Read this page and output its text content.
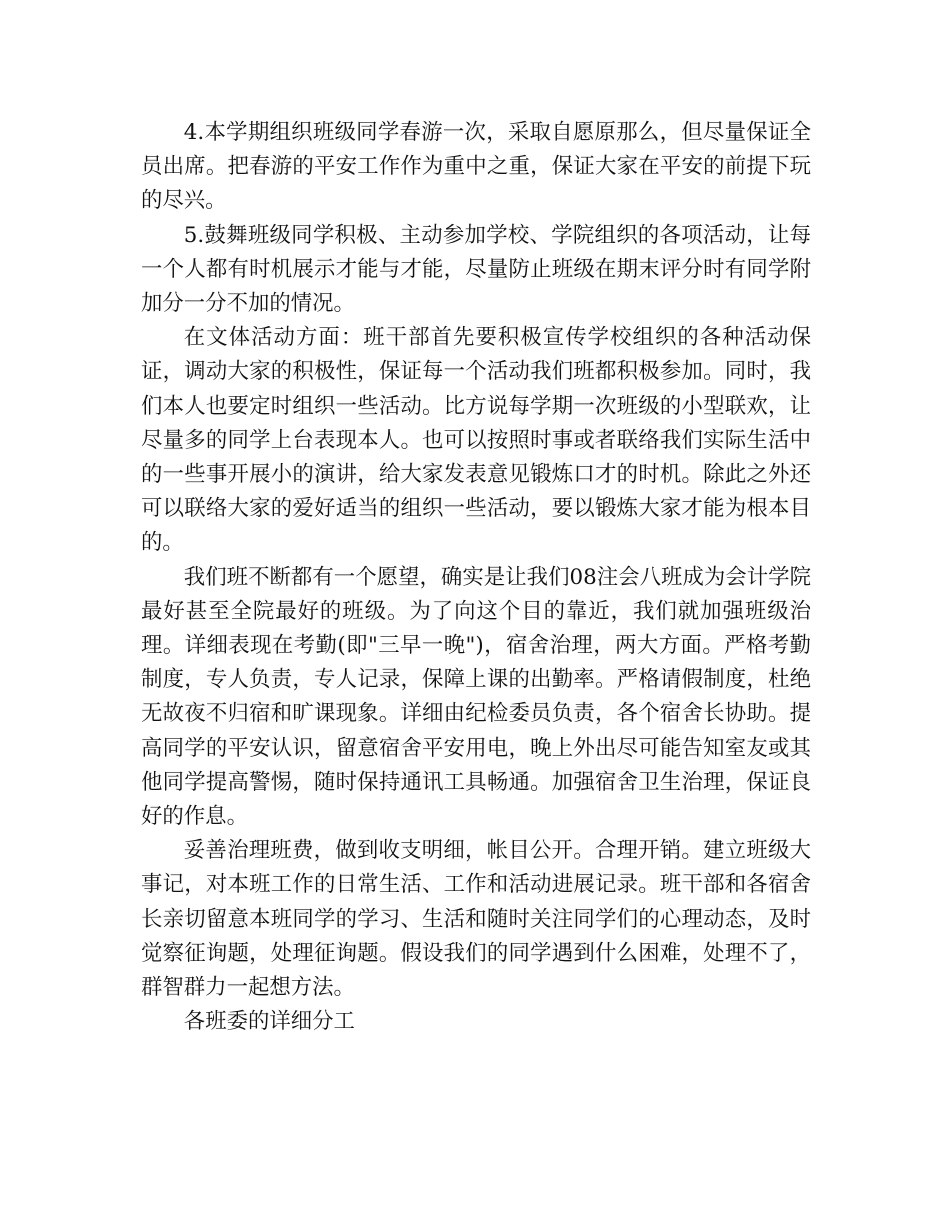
4.本学期组织班级同学春游一次，采取自愿原那么，但尽量保证全员出席。把春游的平安工作作为重中之重，保证大家在平安的前提下玩的尽兴。

5.鼓舞班级同学积极、主动参加学校、学院组织的各项活动，让每一个人都有时机展示才能与才能，尽量防止班级在期末评分时有同学附加分一分不加的情况。

在文体活动方面：班干部首先要积极宣传学校组织的各种活动保证，调动大家的积极性，保证每一个活动我们班都积极参加。同时，我们本人也要定时组织一些活动。比方说每学期一次班级的小型联欢，让尽量多的同学上台表现本人。也可以按照时事或者联络我们实际生活中的一些事开展小的演讲，给大家发表意见锻炼口才的时机。除此之外还可以联络大家的爱好适当的组织一些活动，要以锻炼大家才能为根本目的。

我们班不断都有一个愿望，确实是让我们08注会八班成为会计学院最好甚至全院最好的班级。为了向这个目的靠近，我们就加强班级治理。详细表现在考勤(即"三早一晚")，宿舍治理，两大方面。严格考勤制度，专人负责，专人记录，保障上课的出勤率。严格请假制度，杜绝无故夜不归宿和旷课现象。详细由纪检委员负责，各个宿舍长协助。提高同学的平安认识，留意宿舍平安用电，晚上外出尽可能告知室友或其他同学提高警惕，随时保持通讯工具畅通。加强宿舍卫生治理，保证良好的作息。

妥善治理班费，做到收支明细，帐目公开。合理开销。建立班级大事记，对本班工作的日常生活、工作和活动进展记录。班干部和各宿舍长亲切留意本班同学的学习、生活和随时关注同学们的心理动态，及时觉察征询题，处理征询题。假设我们的同学遇到什么困难，处理不了，群智群力一起想方法。

各班委的详细分工
